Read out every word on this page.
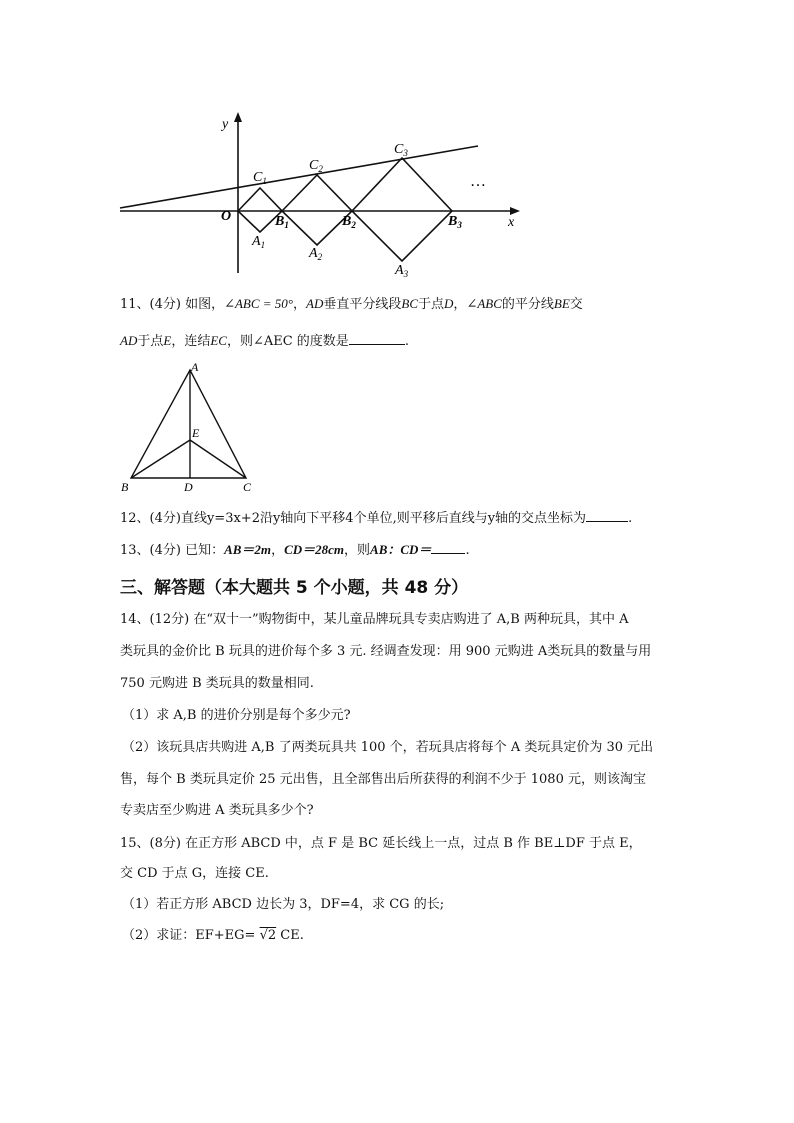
y
x
O
$C_1$
$C_2$
$C_3$
$B_1$	$B_2$	$B_3$
$A_1$
$A_2$
$A_3$
…
11、(4分) 如图，∠ABC = 50°，AD垂直平分线段BC于点D，∠ABC的平分线BE交
AD于点E，连结EC，则∠AEC 的度数是	.
A
E
B	D	C
12、(4分)直线y=3x+2沿y轴向下平移4个单位,则平移后直线与y轴的交点坐标为	.
13、(4分) 已知：AB＝2m，CD＝28cm，则AB：CD＝	.
三、解答题（本大题共 5 个小题，共 48 分）
14、(12分) 在“双十一”购物街中，某儿童品牌玩具专卖店购进了 A,B 两种玩具，其中 A
类玩具的金价比 B 玩具的进价每个多 3 元. 经调查发现：用 900 元购进 A类玩具的数量与用
750 元购进 B 类玩具的数量相同.
（1）求 A,B 的进价分别是每个多少元?
（2）该玩具店共购进 A,B 了两类玩具共 100 个，若玩具店将每个 A 类玩具定价为 30 元出
售，每个 B 类玩具定价 25 元出售，且全部售出后所获得的利润不少于 1080 元，则该淘宝
专卖店至少购进 A 类玩具多少个?
15、(8分) 在正方形 ABCD 中，点 F 是 BC 延长线上一点，过点 B 作 BE⊥DF 于点 E，
交 CD 于点 G，连接 CE.
（1）若正方形 ABCD 边长为 3，DF=4，求 CG 的长;
（2）求证：EF+EG= √2 CE.
